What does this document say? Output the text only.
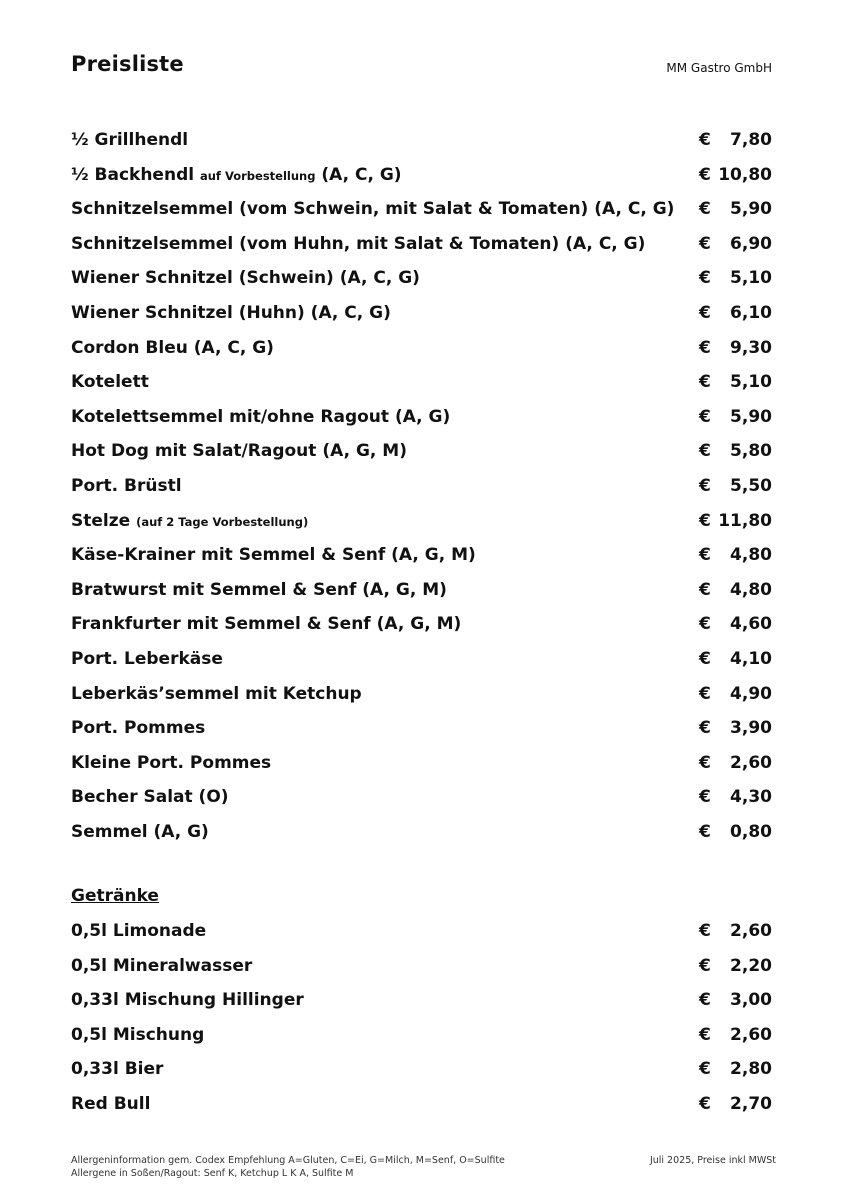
Preisliste	MM Gastro GmbH
½ Grillhendl	€ 7,80
½ Backhendl auf Vorbestellung (A, C, G)	€ 10,80
Schnitzelsemmel (vom Schwein, mit Salat & Tomaten) (A, C, G) € 5,90
Schnitzelsemmel (vom Huhn, mit Salat & Tomaten) (A, C, G)	€ 6,90
Wiener Schnitzel (Schwein) (A, C, G)	€ 5,10
Wiener Schnitzel (Huhn) (A, C, G)	€ 6,10
Cordon Bleu (A, C, G)	€ 9,30
Kotelett	€ 5,10
Kotelettsemmel mit/ohne Ragout (A, G)	€ 5,90
Hot Dog mit Salat/Ragout (A, G, M)	€ 5,80
Port. Brüstl	€ 5,50
Stelze (auf 2 Tage Vorbestellung)	€ 11,80
Käse-Krainer mit Semmel & Senf (A, G, M)	€ 4,80
Bratwurst mit Semmel & Senf (A, G, M)	€ 4,80
Frankfurter mit Semmel & Senf (A, G, M)	€ 4,60
Port. Leberkäse	€ 4,10
Leberkäs’semmel mit Ketchup	€ 4,90
Port. Pommes	€ 3,90
Kleine Port. Pommes	€ 2,60
Becher Salat (O)	€ 4,30
Semmel (A, G)	€ 0,80
Getränke
0,5l Limonade	€ 2,60
0,5l Mineralwasser	€ 2,20
0,33l Mischung Hillinger	€ 3,00
0,5l Mischung	€ 2,60
0,33l Bier	€ 2,80
Red Bull	€ 2,70
Allergeninformation gem. Codex Empfehlung A=Gluten, C=Ei, G=Milch, M=Senf, O=Sulfite
Allergene in Soßen/Ragout: Senf K, Ketchup L K A, Sulfite M
Juli 2025, Preise inkl MWSt
